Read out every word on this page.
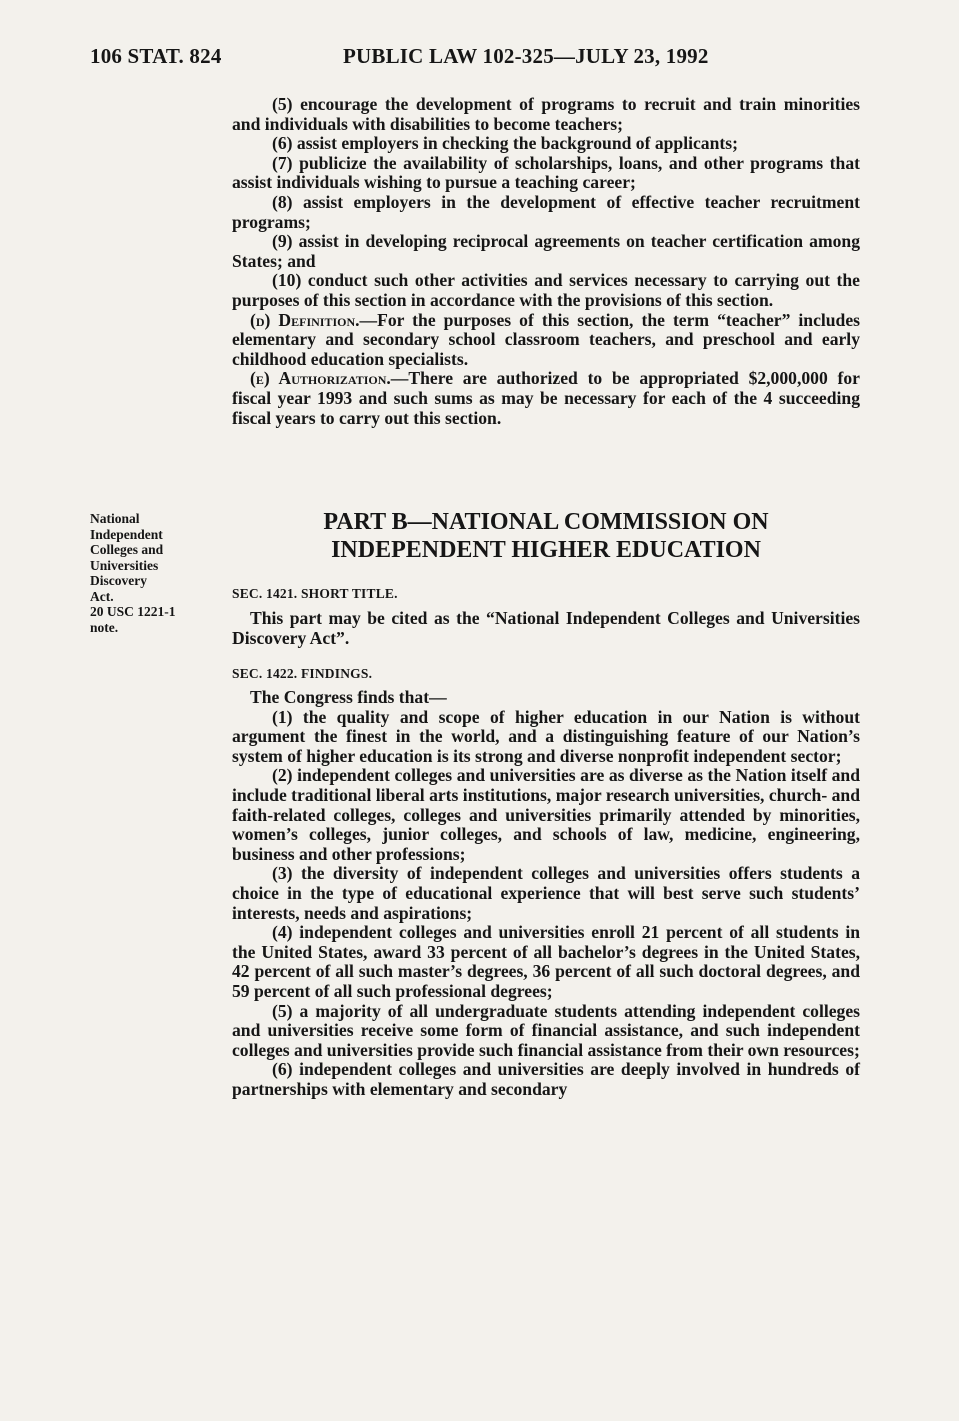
106 STAT. 824	PUBLIC LAW 102-325—JULY 23, 1992

(5) encourage the development of programs to recruit and train minorities and individuals with disabilities to become teachers;

(6) assist employers in checking the background of applicants;

(7) publicize the availability of scholarships, loans, and other programs that assist individuals wishing to pursue a teaching career;

(8) assist employers in the development of effective teacher recruitment programs;

(9) assist in developing reciprocal agreements on teacher certification among States; and

(10) conduct such other activities and services necessary to carrying out the purposes of this section in accordance with the provisions of this section.

(d) Definition.—For the purposes of this section, the term “teacher” includes elementary and secondary school classroom teachers, and preschool and early childhood education specialists.

(e) Authorization.—There are authorized to be appropriated $2,000,000 for fiscal year 1993 and such sums as may be necessary for each of the 4 succeeding fiscal years to carry out this section.

National
Independent
Colleges and
Universities
Discovery
Act.
20 USC 1221-1
note.
PART B—NATIONAL COMMISSION ON
INDEPENDENT HIGHER EDUCATION
SEC. 1421. SHORT TITLE.

This part may be cited as the “National Independent Colleges and Universities Discovery Act”.

SEC. 1422. FINDINGS.

The Congress finds that—

(1) the quality and scope of higher education in our Nation is without argument the finest in the world, and a distinguishing feature of our Nation’s system of higher education is its strong and diverse nonprofit independent sector;

(2) independent colleges and universities are as diverse as the Nation itself and include traditional liberal arts institutions, major research universities, church- and faith-related colleges, colleges and universities primarily attended by minorities, women’s colleges, junior colleges, and schools of law, medicine, engineering, business and other professions;

(3) the diversity of independent colleges and universities offers students a choice in the type of educational experience that will best serve such students’ interests, needs and aspirations;

(4) independent colleges and universities enroll 21 percent of all students in the United States, award 33 percent of all bachelor’s degrees in the United States, 42 percent of all such master’s degrees, 36 percent of all such doctoral degrees, and 59 percent of all such professional degrees;

(5) a majority of all undergraduate students attending independent colleges and universities receive some form of financial assistance, and such independent colleges and universities provide such financial assistance from their own resources;

(6) independent colleges and universities are deeply involved in hundreds of partnerships with elementary and secondary
